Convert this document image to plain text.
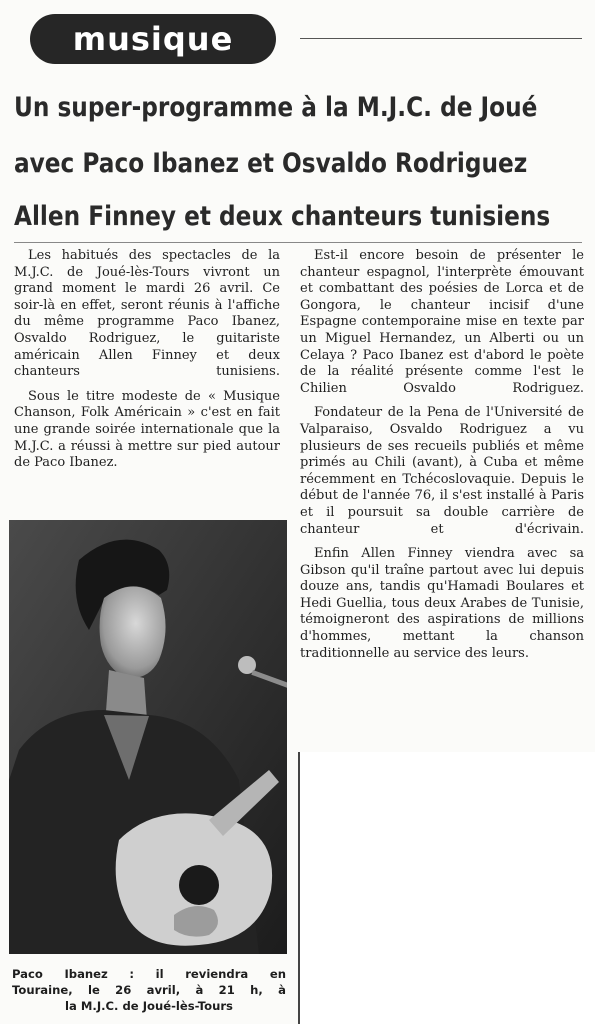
musique
Un super-programme à la M.J.C. de Joué
avec Paco Ibanez et Osvaldo Rodriguez
Allen Finney et deux chanteurs tunisiens

Les habitués des spectacles de la M.J.C. de Joué-lès-Tours vivront un grand moment le mardi 26 avril. Ce soir-là en effet, seront réunis à l'affiche du même programme Paco Ibanez, Osvaldo Rodriguez, le guitariste américain Allen Finney et deux chanteurs tunisiens.

Sous le titre modeste de « Musique Chanson, Folk Américain » c'est en fait une grande soirée internationale que la M.J.C. a réussi à mettre sur pied autour de Paco Ibanez.

Est-il encore besoin de présenter le chanteur espagnol, l'interprète émouvant et combattant des poésies de Lorca et de Gongora, le chanteur incisif d'une Espagne contemporaine mise en texte par un Miguel Hernandez, un Alberti ou un Celaya ? Paco Ibanez est d'abord le poète de la réalité présente comme l'est le Chilien Osvaldo Rodriguez.

Fondateur de la Pena de l'Université de Valparaiso, Osvaldo Rodriguez a vu plusieurs de ses recueils publiés et même primés au Chili (avant), à Cuba et même récemment en Tchécoslovaquie. Depuis le début de l'année 76, il s'est installé à Paris et il poursuit sa double carrière de chanteur et d'écrivain.

Enfin Allen Finney viendra avec sa Gibson qu'il traîne partout avec lui depuis douze ans, tandis qu'Hamadi Boulares et Hedi Guellia, tous deux Arabes de Tunisie, témoigneront des aspirations de millions d'hommes, mettant la chanson traditionnelle au service des leurs.

Paco Ibanez : il reviendra en
Touraine, le 26 avril, à 21 h, à
la M.J.C. de Joué-lès-Tours
